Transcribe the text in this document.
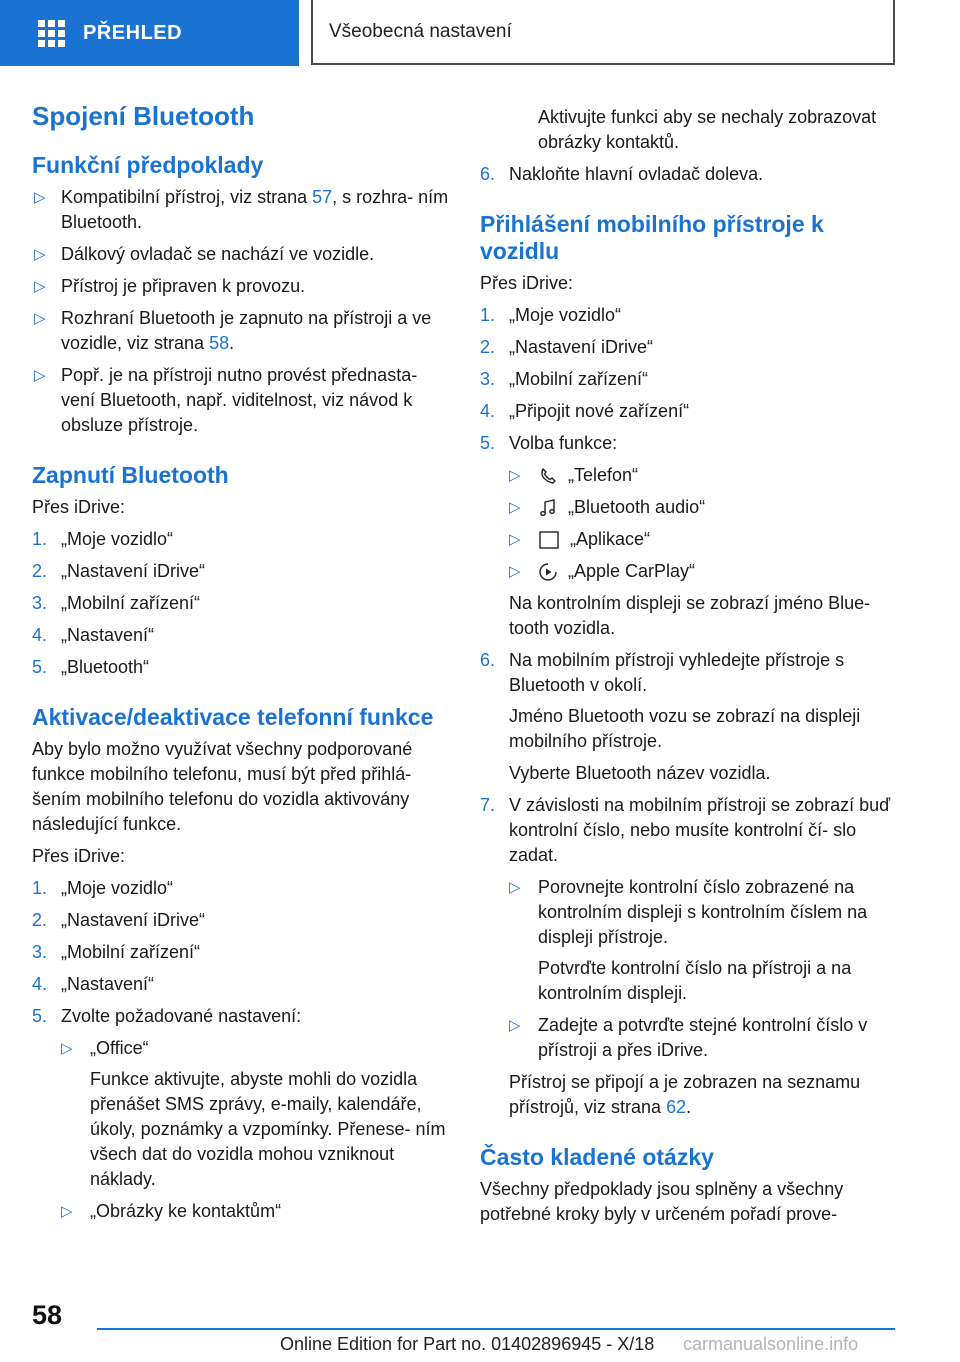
PŘEHLED	Všeobecná nastavení
Spojení Bluetooth
Funkční předpoklady
▷ Kompatibilní přístroj, viz strana 57, s rozhra‐ ním Bluetooth.
▷ Dálkový ovladač se nachází ve vozidle.
▷ Přístroj je připraven k provozu.
▷ Rozhraní Bluetooth je zapnuto na přístroji a ve vozidle, viz strana 58.
▷ Popř. je na přístroji nutno provést přednasta‐ vení Bluetooth, např. viditelnost, viz návod k obsluze přístroje.
Zapnutí Bluetooth

Přes iDrive:

1. „Moje vozidlo“
2. „Nastavení iDrive“
3. „Mobilní zařízení“
4. „Nastavení“
5. „Bluetooth“
Aktivace/deaktivace telefonní funkce

Aby bylo možno využívat všechny podporované funkce mobilního telefonu, musí být před přihlá‐ šením mobilního telefonu do vozidla aktivovány následující funkce.

Přes iDrive:

1. „Moje vozidlo“
2. „Nastavení iDrive“
3. „Mobilní zařízení“
4. „Nastavení“
5. Zvolte požadované nastavení:
▷ „Office“

Funkce aktivujte, abyste mohli do vozidla přenášet SMS zprávy, e-maily, kalendáře, úkoly, poznámky a vzpomínky. Přenese‐ ním všech dat do vozidla mohou vzniknout náklady.

▷ „Obrázky ke kontaktům“

Aktivujte funkci aby se nechaly zobrazovat obrázky kontaktů.

6. Nakloňte hlavní ovladač doleva.
Přihlášení mobilního přístroje k vozidlu

Přes iDrive:

1. „Moje vozidlo“
2. „Nastavení iDrive“
3. „Mobilní zařízení“
4. „Připojit nové zařízení“
5. Volba funkce:
▷	„Telefon“
▷	„Bluetooth audio“
▷	„Aplikace“
▷	„Apple CarPlay“

Na kontrolním displeji se zobrazí jméno Blue‐ tooth vozidla.

6. Na mobilním přístroji vyhledejte přístroje s Bluetooth v okolí.

Jméno Bluetooth vozu se zobrazí na displeji mobilního přístroje.

Vyberte Bluetooth název vozidla.

7. V závislosti na mobilním přístroji se zobrazí buď kontrolní číslo, nebo musíte kontrolní čí‐ slo zadat.
▷ Porovnejte kontrolní číslo zobrazené na kontrolním displeji s kontrolním číslem na displeji přístroje.

Potvrďte kontrolní číslo na přístroji a na kontrolním displeji.

▷ Zadejte a potvrďte stejné kontrolní číslo v přístroji a přes iDrive.

Přístroj se připojí a je zobrazen na seznamu přístrojů, viz strana 62.

Často kladené otázky

Všechny předpoklady jsou splněny a všechny potřebné kroky byly v určeném pořadí prove‐

58
Online Edition for Part no. 01402896945 - X/18 carmanualsonline.info
